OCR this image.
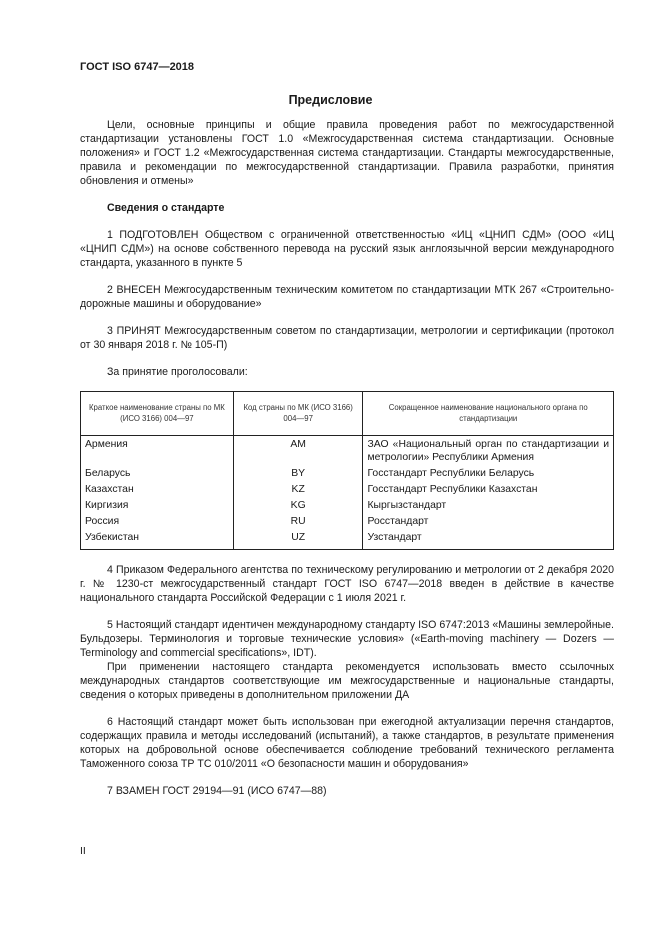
ГОСТ ISO 6747—2018
Предисловие

Цели, основные принципы и общие правила проведения работ по межгосударственной стандартизации установлены ГОСТ 1.0 «Межгосударственная система стандартизации. Основные положения» и ГОСТ 1.2 «Межгосударственная система стандартизации. Стандарты межгосударственные, правила и рекомендации по межгосударственной стандартизации. Правила разработки, принятия обновления и отмены»

Сведения о стандарте

1 ПОДГОТОВЛЕН Обществом с ограниченной ответственностью «ИЦ «ЦНИП СДМ» (ООО «ИЦ «ЦНИП СДМ») на основе собственного перевода на русский язык англоязычной версии международного стандарта, указанного в пункте 5

2 ВНЕСЕН Межгосударственным техническим комитетом по стандартизации МТК 267 «Строительно-дорожные машины и оборудование»

3 ПРИНЯТ Межгосударственным советом по стандартизации, метрологии и сертификации (протокол от 30 января 2018 г. № 105-П)

За принятие проголосовали:

Краткое наименование страны по МК (ИСО 3166) 004—97	Код страны по МК (ИСО 3166) 004—97	Сокращенное наименование национального органа по стандартизации
Армения	AM	ЗАО «Национальный орган по стандартизации и метрологии» Республики Армения
Беларусь	BY	Госстандарт Республики Беларусь
Казахстан	KZ	Госстандарт Республики Казахстан
Киргизия	KG	Кыргызстандарт
Россия	RU	Росстандарт
Узбекистан	UZ	Узстандарт

4 Приказом Федерального агентства по техническому регулированию и метрологии от 2 декабря 2020 г. № 1230-ст межгосударственный стандарт ГОСТ ISO 6747—2018 введен в действие в качестве национального стандарта Российской Федерации с 1 июля 2021 г.

5 Настоящий стандарт идентичен международному стандарту ISO 6747:2013 «Машины землеройные. Бульдозеры. Терминология и торговые технические условия» («Earth-moving machinery — Dozers — Terminology and commercial specifications», IDT).

При применении настоящего стандарта рекомендуется использовать вместо ссылочных международных стандартов соответствующие им межгосударственные и национальные стандарты, сведения о которых приведены в дополнительном приложении ДА

6 Настоящий стандарт может быть использован при ежегодной актуализации перечня стандартов, содержащих правила и методы исследований (испытаний), а также стандартов, в результате применения которых на добровольной основе обеспечивается соблюдение требований технического регламента Таможенного союза ТР ТС 010/2011 «О безопасности машин и оборудования»

7 ВЗАМЕН ГОСТ 29194—91 (ИСО 6747—88)

II
